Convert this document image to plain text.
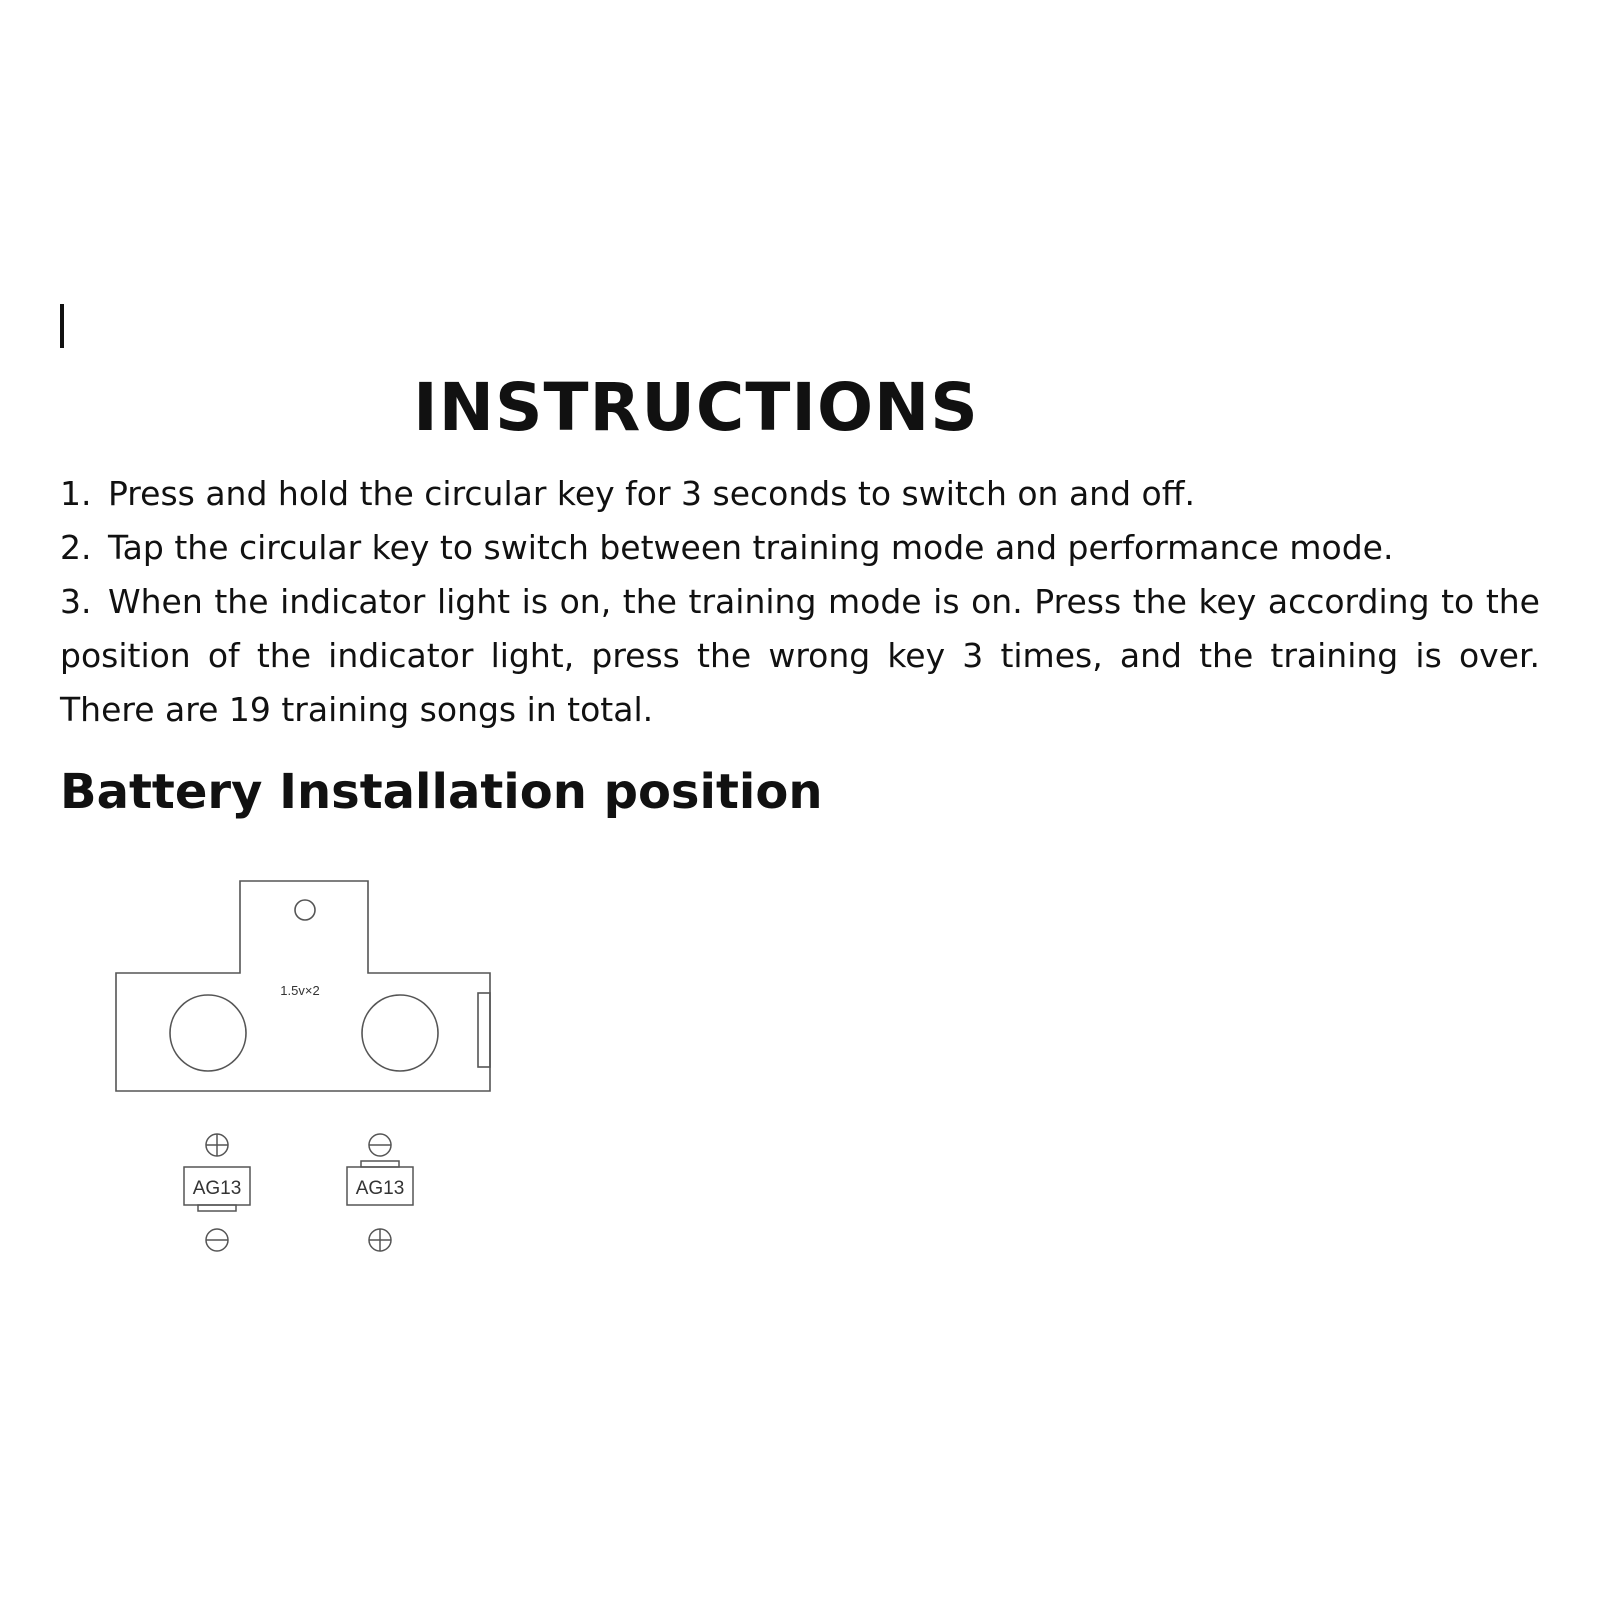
INSTRUCTIONS

1. Press and hold the circular key for 3 seconds to switch on and off.

2. Tap the circular key to switch between training mode and performance mode.

3. When the indicator light is on, the training mode is on. Press the key according to the position of the indicator light, press the wrong key 3 times, and the training is over. There are 19 training songs in total.

Battery Installation position
1.5v×2
AG13	AG13
